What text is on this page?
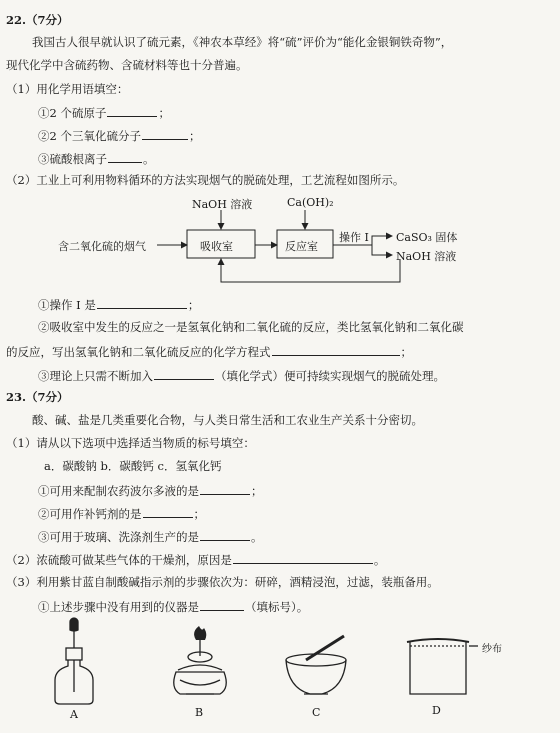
22.（7分）
我国古人很早就认识了硫元素，《神农本草经》将“硫”评价为“能化金银铜铁奇物”，
现代化学中含硫药物、含硫材料等也十分普遍。
（1）用化学用语填空：
①2 个硫原子	；
②2 个三氧化硫分子	；
③硫酸根离子	。
（2）工业上可利用物料循环的方法实现烟气的脱硫处理，工艺流程如图所示。
含二氧化硫的烟气	吸收室	反应室
NaOH 溶液	Ca(OH)₂
操作 I CaSO₃ 固体
NaOH 溶液
①操作 I 是	；
②吸收室中发生的反应之一是氢氧化钠和二氧化硫的反应，类比氢氧化钠和二氧化碳
的反应，写出氢氧化钠和二氧化硫反应的化学方程式	；
③理论上只需不断加入	（填化学式）便可持续实现烟气的脱硫处理。
23.（7分）
酸、碱、盐是几类重要化合物，与人类日常生活和工农业生产关系十分密切。
（1）请从以下选项中选择适当物质的标号填空：
a．碳酸钠 b．碳酸钙 c．氢氧化钙
①可用来配制农药波尔多液的是	；
②可用作补钙剂的是	；
③可用于玻璃、洗涤剂生产的是	。
（2）浓硫酸可做某些气体的干燥剂，原因是	。
（3）利用紫甘蓝自制酸碱指示剂的步骤依次为：研碎，酒精浸泡，过滤，装瓶备用。
①上述步骤中没有用到的仪器是	（填标号）。
纱布
A	B	C	D
